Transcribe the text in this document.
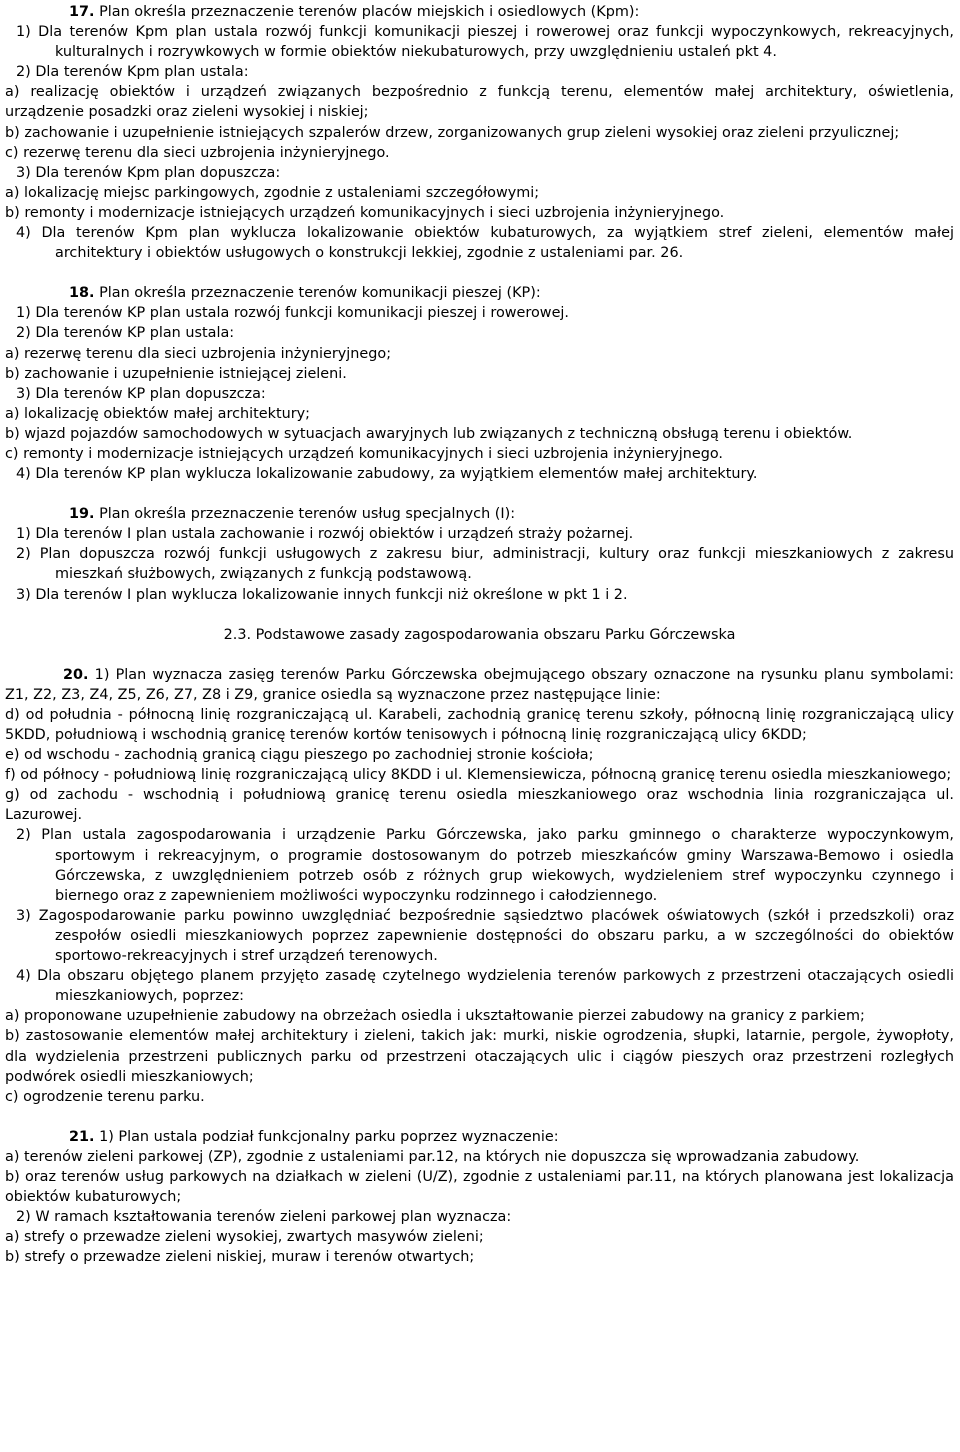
17. Plan określa przeznaczenie terenów placów miejskich i osiedlowych (Kpm):

1) Dla terenów Kpm plan ustala rozwój funkcji komunikacji pieszej i rowerowej oraz funkcji wypoczynkowych, rekreacyjnych, kulturalnych i rozrywkowych w formie obiektów niekubaturowych, przy uwzględnieniu ustaleń pkt 4.

2) Dla terenów Kpm plan ustala:

a) realizację obiektów i urządzeń związanych bezpośrednio z funkcją terenu, elementów małej architektury, oświetlenia, urządzenie posadzki oraz zieleni wysokiej i niskiej;

b) zachowanie i uzupełnienie istniejących szpalerów drzew, zorganizowanych grup zieleni wysokiej oraz zieleni przyulicznej;

c) rezerwę terenu dla sieci uzbrojenia inżynieryjnego.

3) Dla terenów Kpm plan dopuszcza:

a) lokalizację miejsc parkingowych, zgodnie z ustaleniami szczegółowymi;

b) remonty i modernizacje istniejących urządzeń komunikacyjnych i sieci uzbrojenia inżynieryjnego.

4) Dla terenów Kpm plan wyklucza lokalizowanie obiektów kubaturowych, za wyjątkiem stref zieleni, elementów małej architektury i obiektów usługowych o konstrukcji lekkiej, zgodnie z ustaleniami par. 26.

18. Plan określa przeznaczenie terenów komunikacji pieszej (KP):

1) Dla terenów KP plan ustala rozwój funkcji komunikacji pieszej i rowerowej.

2) Dla terenów KP plan ustala:

a) rezerwę terenu dla sieci uzbrojenia inżynieryjnego;

b) zachowanie i uzupełnienie istniejącej zieleni.

3) Dla terenów KP plan dopuszcza:

a) lokalizację obiektów małej architektury;

b) wjazd pojazdów samochodowych w sytuacjach awaryjnych lub związanych z techniczną obsługą terenu i obiektów.

c) remonty i modernizacje istniejących urządzeń komunikacyjnych i sieci uzbrojenia inżynieryjnego.

4) Dla terenów KP plan wyklucza lokalizowanie zabudowy, za wyjątkiem elementów małej architektury.

19. Plan określa przeznaczenie terenów usług specjalnych (I):

1) Dla terenów I plan ustala zachowanie i rozwój obiektów i urządzeń straży pożarnej.

2) Plan dopuszcza rozwój funkcji usługowych z zakresu biur, administracji, kultury oraz funkcji mieszkaniowych z zakresu mieszkań służbowych, związanych z funkcją podstawową.

3) Dla terenów I plan wyklucza lokalizowanie innych funkcji niż określone w pkt 1 i 2.

2.3. Podstawowe zasady zagospodarowania obszaru Parku Górczewska

20. 1) Plan wyznacza zasięg terenów Parku Górczewska obejmującego obszary oznaczone na rysunku planu symbolami: Z1, Z2, Z3, Z4, Z5, Z6, Z7, Z8 i Z9, granice osiedla są wyznaczone przez następujące linie:

d) od południa - północną linię rozgraniczającą ul. Karabeli, zachodnią granicę terenu szkoły, północną linię rozgraniczającą ulicy 5KDD, południową i wschodnią granicę terenów kortów tenisowych i północną linię rozgraniczającą ulicy 6KDD;

e) od wschodu - zachodnią granicą ciągu pieszego po zachodniej stronie kościoła;

f) od północy - południową linię rozgraniczającą ulicy 8KDD i ul. Klemensiewicza, północną granicę terenu osiedla mieszkaniowego;

g) od zachodu - wschodnią i południową granicę terenu osiedla mieszkaniowego oraz wschodnia linia rozgraniczająca ul. Lazurowej.

2) Plan ustala zagospodarowania i urządzenie Parku Górczewska, jako parku gminnego o charakterze wypoczynkowym, sportowym i rekreacyjnym, o programie dostosowanym do potrzeb mieszkańców gminy Warszawa-Bemowo i osiedla Górczewska, z uwzględnieniem potrzeb osób z różnych grup wiekowych, wydzieleniem stref wypoczynku czynnego i biernego oraz z zapewnieniem możliwości wypoczynku rodzinnego i całodziennego.

3) Zagospodarowanie parku powinno uwzględniać bezpośrednie sąsiedztwo placówek oświatowych (szkół i przedszkoli) oraz zespołów osiedli mieszkaniowych poprzez zapewnienie dostępności do obszaru parku, a w szczególności do obiektów sportowo-rekreacyjnych i stref urządzeń terenowych.

4) Dla obszaru objętego planem przyjęto zasadę czytelnego wydzielenia terenów parkowych z przestrzeni otaczających osiedli mieszkaniowych, poprzez:

a) proponowane uzupełnienie zabudowy na obrzeżach osiedla i ukształtowanie pierzei zabudowy na granicy z parkiem;

b) zastosowanie elementów małej architektury i zieleni, takich jak: murki, niskie ogrodzenia, słupki, latarnie, pergole, żywopłoty, dla wydzielenia przestrzeni publicznych parku od przestrzeni otaczających ulic i ciągów pieszych oraz przestrzeni rozległych podwórek osiedli mieszkaniowych;

c) ogrodzenie terenu parku.

21. 1) Plan ustala podział funkcjonalny parku poprzez wyznaczenie:

a) terenów zieleni parkowej (ZP), zgodnie z ustaleniami par.12, na których nie dopuszcza się wprowadzania zabudowy.

b) oraz terenów usług parkowych na działkach w zieleni (U/Z), zgodnie z ustaleniami par.11, na których planowana jest lokalizacja obiektów kubaturowych;

2) W ramach kształtowania terenów zieleni parkowej plan wyznacza:

a) strefy o przewadze zieleni wysokiej, zwartych masywów zieleni;

b) strefy o przewadze zieleni niskiej, muraw i terenów otwartych;
